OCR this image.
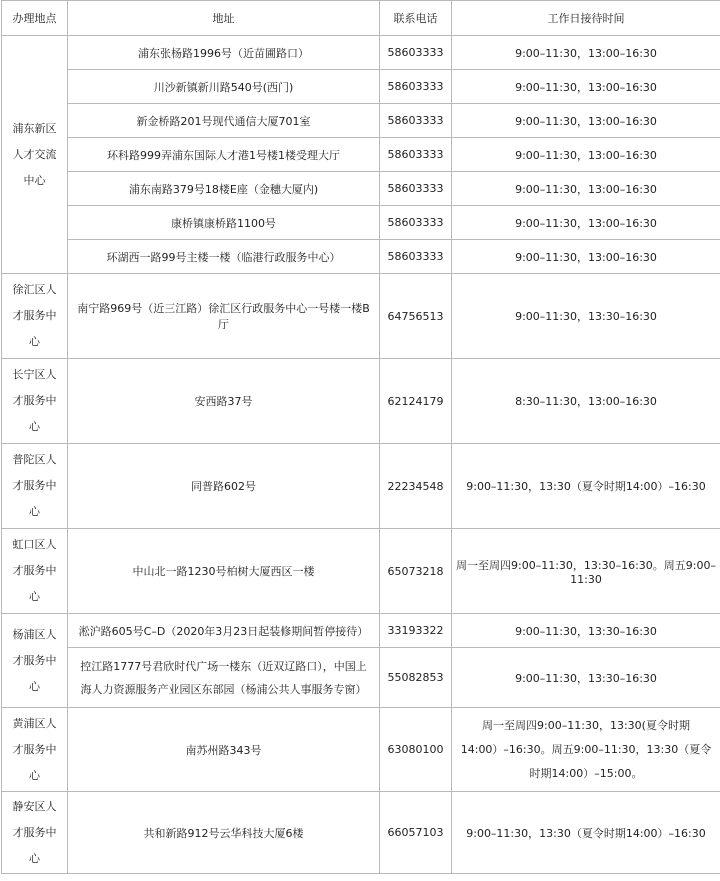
办理地点	地址	联系电话	工作日接待时间
浦东新区人才交流中心	浦东张杨路1996号（近苗圃路口）	58603333	9:00–11:30，13:00–16:30
	川沙新镇新川路540号(西门)	58603333	9:00–11:30，13:00–16:30
	新金桥路201号现代通信大厦701室	58603333	9:00–11:30，13:00–16:30
	环科路999弄浦东国际人才港1号楼1楼受理大厅	58603333	9:00–11:30，13:00–16:30
	浦东南路379号18楼E座（金穗大厦内)	58603333	9:00–11:30，13:00–16:30
	康桥镇康桥路1100号	58603333	9:00–11:30，13:00–16:30
	环湖西一路99号主楼一楼（临港行政服务中心）	58603333	9:00–11:30，13:00–16:30
徐汇区人才服务中心	南宁路969号（近三江路）徐汇区行政服务中心一号楼一楼B厅	64756513	9:00–11:30，13:30–16:30
长宁区人才服务中心	安西路37号	62124179	8:30–11:30，13:00–16:30
普陀区人才服务中心	同普路602号	22234548	9:00–11:30，13:30（夏令时期14:00）–16:30
虹口区人才服务中心	中山北一路1230号柏树大厦西区一楼	65073218	周一至周四9:00–11:30，13:30–16:30。周五9:00–11:30
杨浦区人才服务中心	淞沪路605号C–D（2020年3月23日起装修期间暂停接待）	33193322	9:00–11:30，13:30–16:30
	控江路1777号君欣时代广场一楼东（近双辽路口），中国上海人力资源服务产业园区东部园（杨浦公共人事服务专窗）	55082853	9:00–11:30，13:30–16:30
黄浦区人才服务中心	南苏州路343号	63080100	周一至周四9:00–11:30，13:30(夏令时期14:00）–16:30。周五9:00–11:30，13:30（夏令时期14:00）–15:00。
静安区人才服务中心	共和新路912号云华科技大厦6楼	66057103	9:00–11:30，13:30（夏令时期14:00）–16:30
